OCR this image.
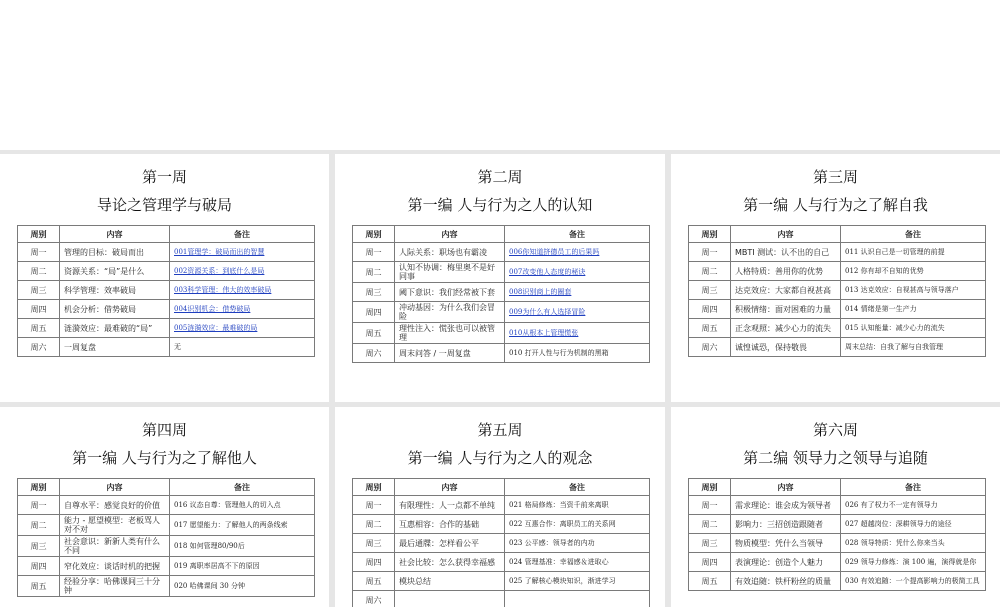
第一周
导论之管理学与破局
周别	内容	备注
周一	管理的目标：破局而出	001管理学：破局而出的智慧
周二	资源关系：“局”是什么	002资源关系：到底什么是局
周三	科学管理：效率破局	003科学管理：伟大的效率破局
周四	机会分析：借势破局	004识别机会：借势破局
周五	涟漪效应：最难破的“局”	005涟漪效应：最难破的局
周六	一周复盘	无
第二周
第一编 人与行为之人的认知
周别	内容	备注
周一	人际关系：职场也有霸凌	006你知道挤德员工的后果吗
周二	认知不协调：梅里奥不是好同事	007改变他人态度的秘诀
周三	阈下意识：我们经常被下套	008识别商上的圈套
周四	冲动基因：为什么我们会冒险	009为什么有人选择冒险
周五	理性注入：慌张也可以被管理	010从根本上管理慌张
周六	周末问答 / 一周复盘	010 打开人性与行为机制的黑箱
第三周
第一编 人与行为之了解自我
周别	内容	备注
周一	MBTI 测试：认不出的自己	011 认识自己是一切管理的前提
周二	人格特质：善用你的优势	012 你有却不自知的优势
周三	达克效应：大家都自视甚高	013 达克效应：自视甚高与领导落户
周四	积极情绪：面对困难的力量	014 情绪是第一生产力
周五	正念观照：减少心力的流失	015 认知能量：减少心力的流失
周六	诚惶诚恐，保持敬畏	周末总结：自我了解与自我管理
第四周
第一编 人与行为之了解他人
周别	内容	备注
周一	自尊水平：感觉良好的价值	016 议态自尊：管理他人的切入点
周二	能力 - 愿望模型：老板骂人对不对	017 愿望能力：了解他人的两条线索
周三	社会意识：新新人类有什么不同	018 如何管理80/90后
周四	窄化效应：谈话时机的把握	019 离职率居高不下的原因
周五	经验分享：哈佛课间三十分钟	020 哈佛课间 30 分钟
第五周
第一编 人与行为之人的观念
周别	内容	备注
周一	有限理性：人一点都不单纯	021 格局修炼：当资千前来离职
周二	互惠相容：合作的基础	022 互惠合作：离职员工的关系网
周三	最后通牒：怎样看公平	023 公平感：领导者的内功
周四	社会比较：怎么获得幸福感	024 管理基准：幸福感＆进取心
周五	模块总结	025 了解核心模块知识，渐进学习
周六		
第六周
第二编 领导力之领导与追随
周别	内容	备注
周一	需求理论：谁会成为领导者	026 有了权力不一定有领导力
周二	影响力：三招创造跟随者	027 超越岗位：深耕领导力的途径
周三	物质模型：凭什么当领导	028 领导特质：凭什么你来当头
周四	表演理论：创造个人魅力	029 领导力修炼：演 100 遍，演得就是你
周五	有效追随：铁杆粉丝的质量	030 有效追随：一个提高影响力的极简工具
